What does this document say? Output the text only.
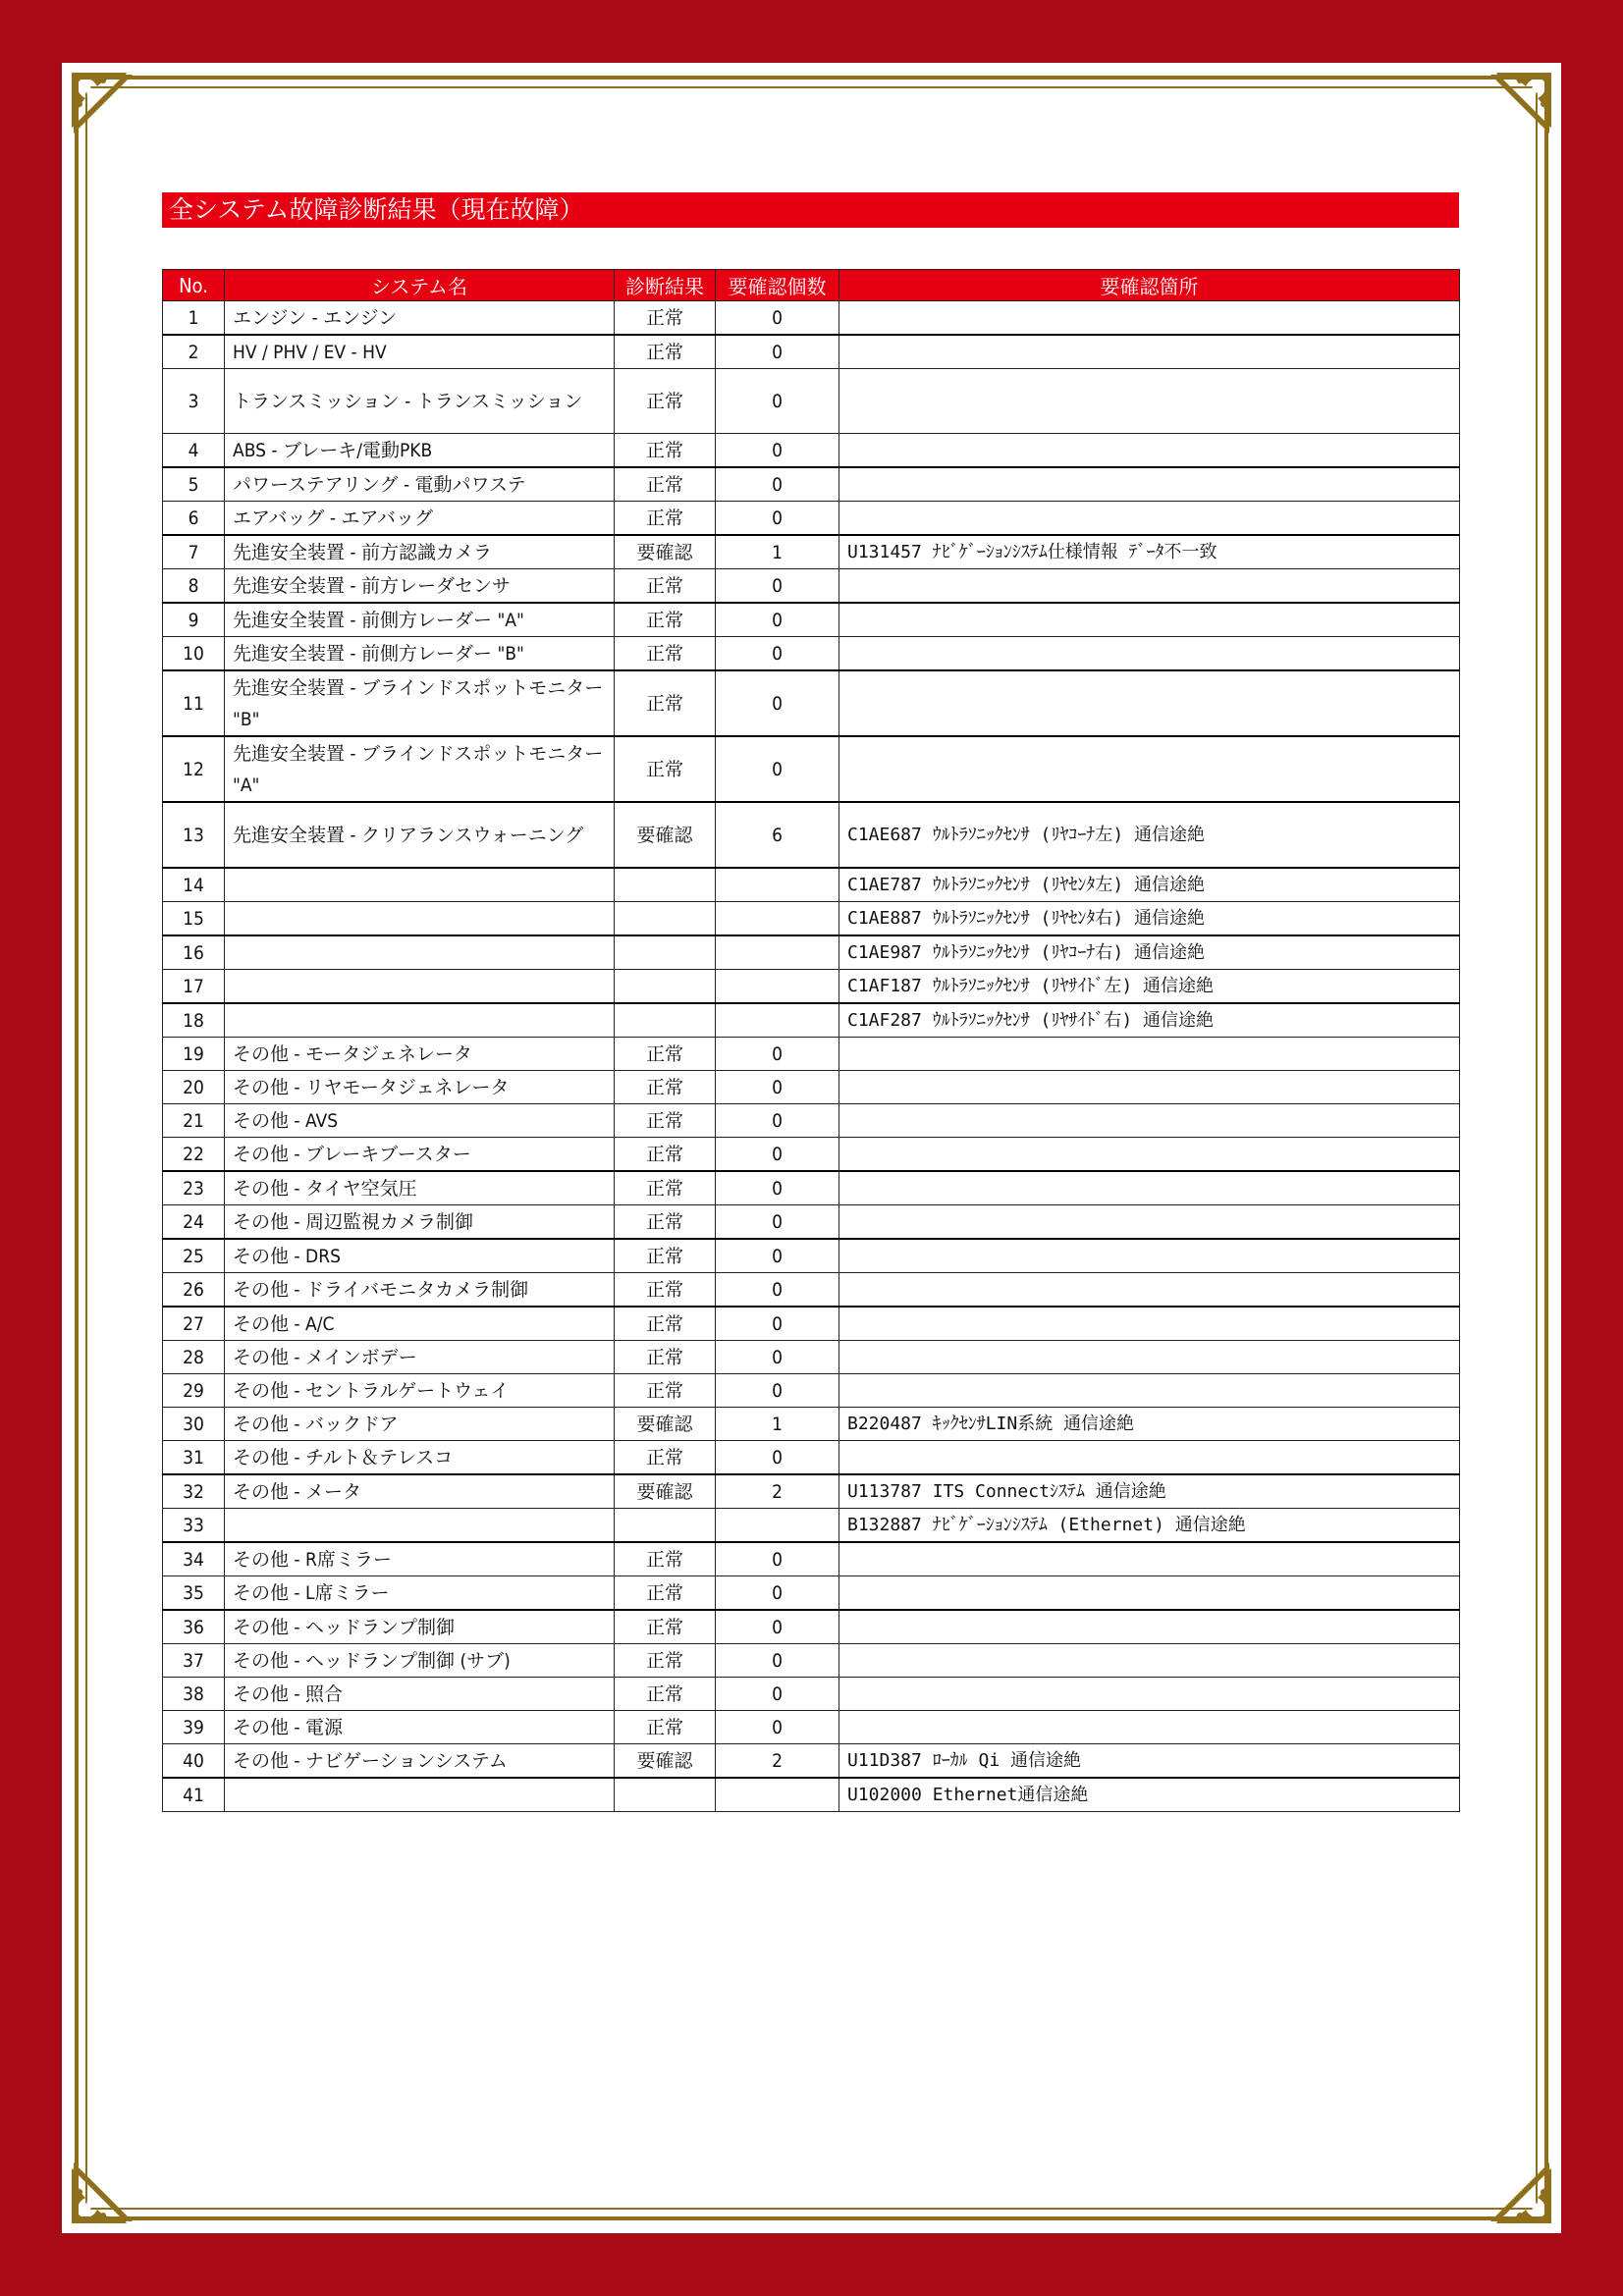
全システム故障診断結果（現在故障）
No.	システム名	診断結果	要確認個数	要確認箇所
1	エンジン - エンジン	正常	0	
2	HV / PHV / EV - HV	正常	0	
3	トランスミッション - トランスミッション	正常	0	
4	ABS - ブレーキ/電動PKB	正常	0	
5	パワーステアリング - 電動パワステ	正常	0	
6	エアバッグ - エアバッグ	正常	0	
7	先進安全装置 - 前方認識カメラ	要確認	1	U131457 ﾅﾋﾞｹﾞｰｼｮﾝｼｽﾃﾑ仕様情報 ﾃﾞｰﾀ不一致
8	先進安全装置 - 前方レーダセンサ	正常	0	
9	先進安全装置 - 前側方レーダー "A"	正常	0	
10	先進安全装置 - 前側方レーダー "B"	正常	0	
11	先進安全装置 - ブラインドスポットモニター "B"	正常	0	
12	先進安全装置 - ブラインドスポットモニター "A"	正常	0	
13	先進安全装置 - クリアランスウォーニング	要確認	6	C1AE687 ｳﾙﾄﾗｿﾆｯｸｾﾝｻ (ﾘﾔｺｰﾅ左) 通信途絶
14				C1AE787 ｳﾙﾄﾗｿﾆｯｸｾﾝｻ (ﾘﾔｾﾝﾀ左) 通信途絶
15				C1AE887 ｳﾙﾄﾗｿﾆｯｸｾﾝｻ (ﾘﾔｾﾝﾀ右) 通信途絶
16				C1AE987 ｳﾙﾄﾗｿﾆｯｸｾﾝｻ (ﾘﾔｺｰﾅ右) 通信途絶
17				C1AF187 ｳﾙﾄﾗｿﾆｯｸｾﾝｻ (ﾘﾔｻｲﾄﾞ左) 通信途絶
18				C1AF287 ｳﾙﾄﾗｿﾆｯｸｾﾝｻ (ﾘﾔｻｲﾄﾞ右) 通信途絶
19	その他 - モータジェネレータ	正常	0	
20	その他 - リヤモータジェネレータ	正常	0	
21	その他 - AVS	正常	0	
22	その他 - ブレーキブースター	正常	0	
23	その他 - タイヤ空気圧	正常	0	
24	その他 - 周辺監視カメラ制御	正常	0	
25	その他 - DRS	正常	0	
26	その他 - ドライバモニタカメラ制御	正常	0	
27	その他 - A/C	正常	0	
28	その他 - メインボデー	正常	0	
29	その他 - セントラルゲートウェイ	正常	0	
30	その他 - バックドア	要確認	1	B220487 ｷｯｸｾﾝｻLIN系統 通信途絶
31	その他 - チルト＆テレスコ	正常	0	
32	その他 - メータ	要確認	2	U113787 ITS Connectｼｽﾃﾑ 通信途絶
33				B132887 ﾅﾋﾞｹﾞｰｼｮﾝｼｽﾃﾑ (Ethernet) 通信途絶
34	その他 - R席ミラー	正常	0	
35	その他 - L席ミラー	正常	0	
36	その他 - ヘッドランプ制御	正常	0	
37	その他 - ヘッドランプ制御 (サブ)	正常	0	
38	その他 - 照合	正常	0	
39	その他 - 電源	正常	0	
40	その他 - ナビゲーションシステム	要確認	2	U11D387 ﾛｰｶﾙ Qi 通信途絶
41				U102000 Ethernet通信途絶
